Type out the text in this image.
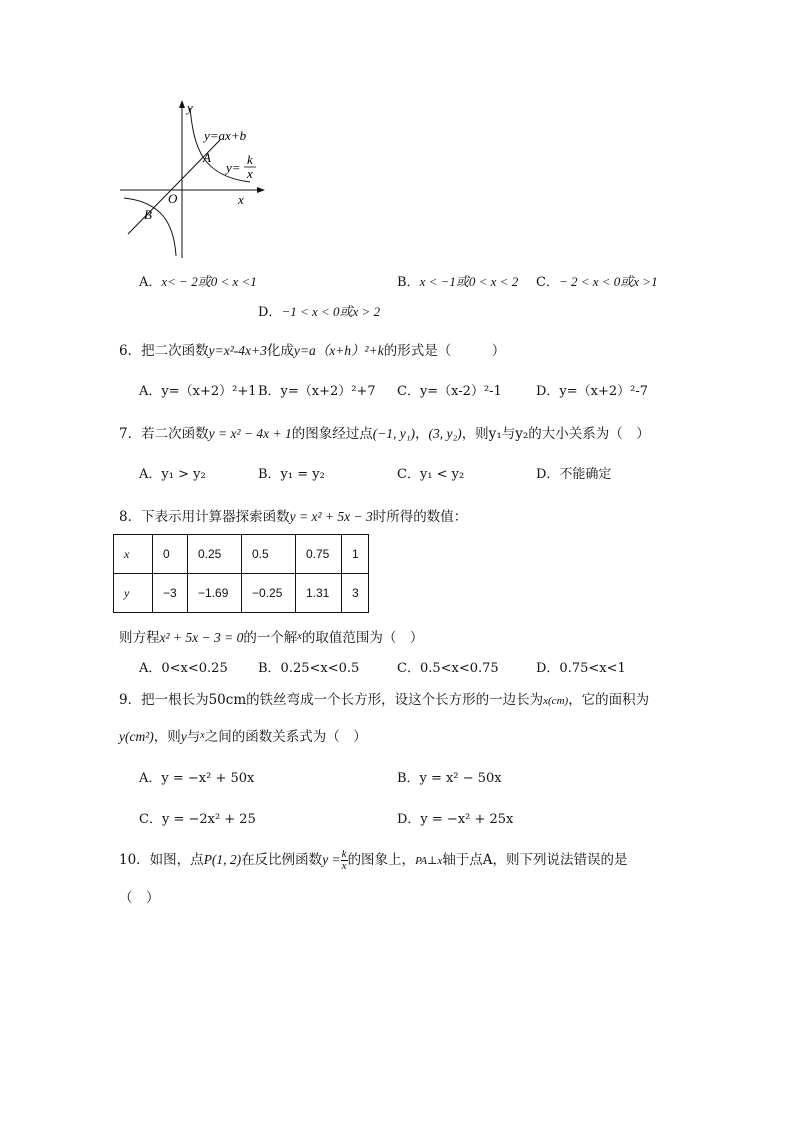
y
x
O
y=ax+b
A
B
y=
k
x
A．x< − 2或0 < x <1	B．x < −1或0 < x < 2 C．− 2 < x < 0或x >1
D．−1 < x < 0或x > 2
6．把二次函数y=x²-4x+3化成y=a（x+h）²+k的形式是（　　　）
A．y=（x+2）²+1 B．y=（x+2）²+7 C．y=（x-2）²-1	D．y=（x+2）²-7
7．若二次函数y = x² − 4x + 1的图象经过点(−1, y₁)，(3, y₂)，则y₁与y₂的大小关系为（　）
A．y₁ > y₂	B．y₁ = y₂	C．y₁ < y₂	D．不能确定
8．下表示用计算器探索函数y = x² + 5x − 3时所得的数值：
x	0	0.25	0.5	0.75	1
y	−3	−1.69	−0.25	1.31	3
则方程x² + 5x − 3 = 0的一个解$^x$的取值范围为（　）
A．0<x<0.25 B．0.25<x<0.5	C．0.5<x<0.75	D．0.75<x<1
9．把一根长为50cm的铁丝弯成一个长方形，设这个长方形的一边长为x(cm)，它的面积为
y(cm²)，则y与$^x$之间的函数关系式为（　）
A．y = −x² + 50x	B．y = x² − 50x
C．y = −2x² + 25	D．y = −x² + 25x
10．如图，点P(1, 2)在反比例函数$y = \frac{k}{x}$ 的图象上，PA⊥x轴于点A，则下列说法错误的是
（　）
